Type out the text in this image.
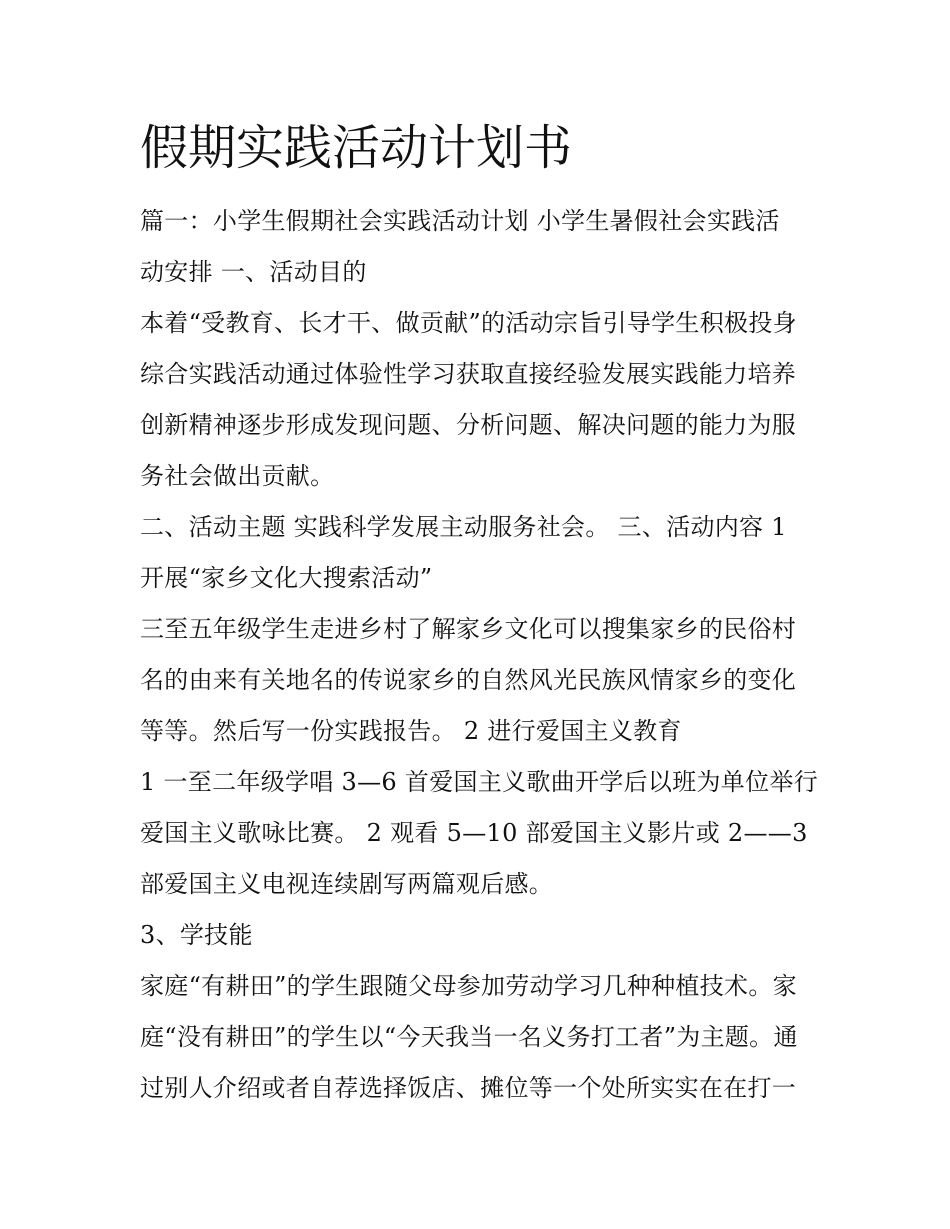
假期实践活动计划书
篇一：小学生假期社会实践活动计划 小学生暑假社会实践活
动安排 一、活动目的
本着“受教育、长才干、做贡献”的活动宗旨引导学生积极投身
综合实践活动通过体验性学习获取直接经验发展实践能力培养
创新精神逐步形成发现问题、分析问题、解决问题的能力为服
务社会做出贡献。
二、活动主题 实践科学发展主动服务社会。 三、活动内容 1
开展“家乡文化大搜索活动”
三至五年级学生走进乡村了解家乡文化可以搜集家乡的民俗村
名的由来有关地名的传说家乡的自然风光民族风情家乡的变化
等等。然后写一份实践报告。 2 进行爱国主义教育
1 一至二年级学唱 3—6 首爱国主义歌曲开学后以班为单位举行
爱国主义歌咏比赛。 2 观看 5—10 部爱国主义影片或 2——3
部爱国主义电视连续剧写两篇观后感。
3、学技能
家庭“有耕田”的学生跟随父母参加劳动学习几种种植技术。家
庭“没有耕田”的学生以“今天我当一名义务打工者”为主题。通
过别人介绍或者自荐选择饭店、摊位等一个处所实实在在打一
